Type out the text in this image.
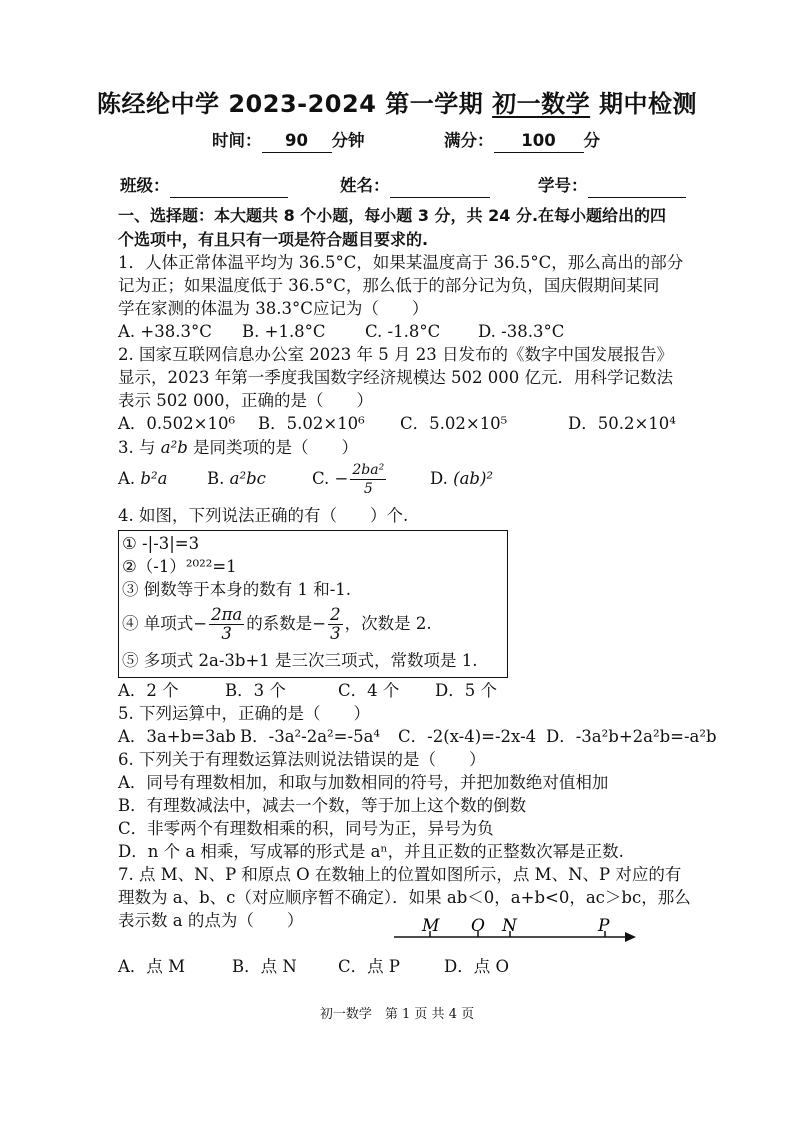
陈经纶中学 2023-2024 第一学期 初一数学 期中检测
时间： 90 分钟	满分： 100 分
班级：	姓名：	学号：
一、选择题：本大题共 8 个小题，每小题 3 分，共 24 分.在每小题给出的四
个选项中，有且只有一项是符合题目要求的.
1．人体正常体温平均为 36.5°C，如果某温度高于 36.5°C，那么高出的部分
记为正；如果温度低于 36.5°C，那么低于的部分记为负，国庆假期间某同
学在家测的体温为 38.3°C应记为（　　）
A. +38.3°C B. +1.8°C C. -1.8°C D. -38.3°C
2. 国家互联网信息办公室 2023 年 5 月 23 日发布的《数字中国发展报告》
显示，2023 年第一季度我国数字经济规模达 502 000 亿元．用科学记数法
表示 502 000，正确的是（　　）
A．0.502×10⁶ B．5.02×10⁶ C．5.02×10⁵	D．50.2×10⁴
3. 与 a²b 是同类项的是（　　）
A. b²a B. a²bc	C. − $\frac{\text{2ba²}}{5}$	D. (ab)²
4. 如图，下列说法正确的有（　　）个.
① -|-3|=3
②（-1）²⁰²²=1
③ 倒数等于本身的数有 1 和-1.
④ 单项式− $\frac{2\pi a}{3}$ 的系数是− $\frac{2}{3}$ ，次数是 2.
⑤ 多项式 2a-3b+1 是三次三项式，常数项是 1.
A．2 个	B．3 个	C．4 个 D．5 个
5. 下列运算中，正确的是（　　）
A．3a+b=3ab B．-3a²-2a²=-5a⁴ C．-2(x-4)=-2x-4 D．-3a²b+2a²b=-a²b
6. 下列关于有理数运算法则说法错误的是（　　）
A．同号有理数相加，和取与加数相同的符号，并把加数绝对值相加
B．有理数减法中，减去一个数，等于加上这个数的倒数
C．非零两个有理数相乘的积，同号为正，异号为负
D．n 个 a 相乘，写成幂的形式是 aⁿ，并且正数的正整数次幂是正数.
7. 点 M、N、P 和原点 O 在数轴上的位置如图所示，点 M、N、P 对应的有
理数为 a、b、c（对应顺序暂不确定）．如果 ab＜0，a+b<0，ac＞bc，那么
表示数 a 的点为（　　）	M O N	P
A．点 M	B．点 N C．点 P	D．点 O
初一数学　第 1 页 共 4 页
